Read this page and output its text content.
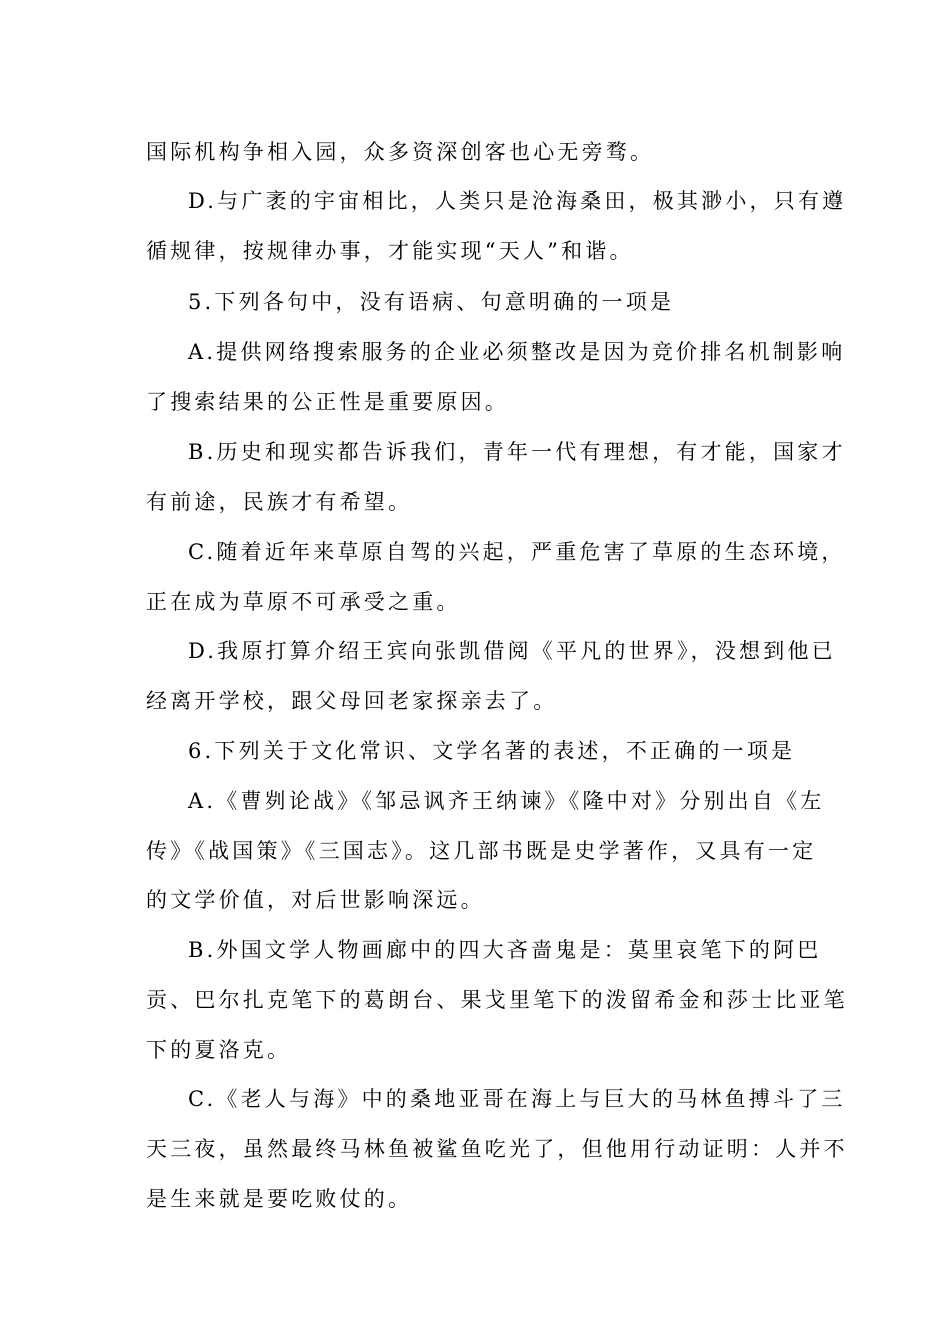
国际机构争相入园，众多资深创客也心无旁骛。
D.与广袤的宇宙相比，人类只是沧海桑田，极其渺小，只有遵
循规律，按规律办事，才能实现“天人”和谐。
5.下列各句中，没有语病、句意明确的一项是
A.提供网络搜索服务的企业必须整改是因为竞价排名机制影响
了搜索结果的公正性是重要原因。
B.历史和现实都告诉我们，青年一代有理想，有才能，国家才
有前途，民族才有希望。
C.随着近年来草原自驾的兴起，严重危害了草原的生态环境，
正在成为草原不可承受之重。
D.我原打算介绍王宾向张凯借阅《平凡的世界》，没想到他已
经离开学校，跟父母回老家探亲去了。
6.下列关于文化常识、文学名著的表述，不正确的一项是
A.《曹刿论战》《邹忌讽齐王纳谏》《隆中对》分别出自《左
传》《战国策》《三国志》。这几部书既是史学著作，又具有一定
的文学价值，对后世影响深远。
B.外国文学人物画廊中的四大吝啬鬼是：莫里哀笔下的阿巴
贡、巴尔扎克笔下的葛朗台、果戈里笔下的泼留希金和莎士比亚笔
下的夏洛克。
C.《老人与海》中的桑地亚哥在海上与巨大的马林鱼搏斗了三
天三夜，虽然最终马林鱼被鲨鱼吃光了，但他用行动证明：人并不
是生来就是要吃败仗的。
